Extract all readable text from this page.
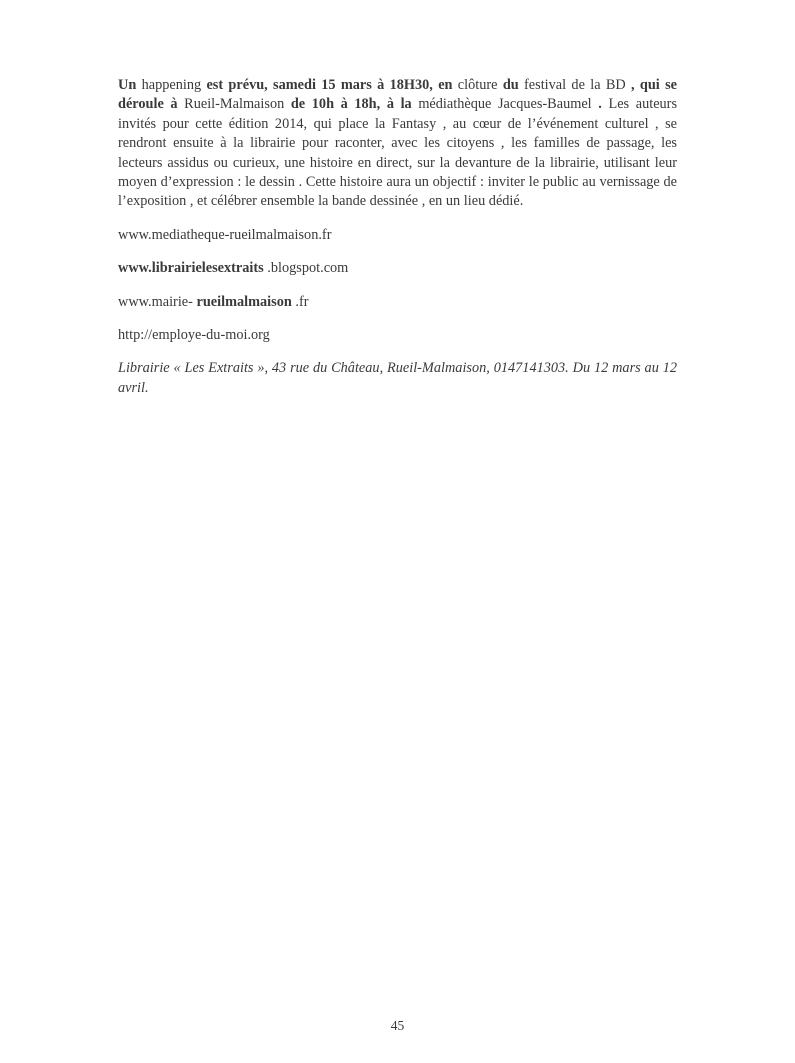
Un happening est prévu, samedi 15 mars à 18H30, en clôture du festival de la BD , qui se déroule à Rueil-Malmaison de 10h à 18h, à la médiathèque Jacques-Baumel . Les auteurs invités pour cette édition 2014, qui place la Fantasy , au cœur de l’événement culturel , se rendront ensuite à la librairie pour raconter, avec les citoyens , les familles de passage, les lecteurs assidus ou curieux, une histoire en direct, sur la devanture de la librairie, utilisant leur moyen d’expression : le dessin . Cette histoire aura un objectif : inviter le public au vernissage de l’exposition , et célébrer ensemble la bande dessinée , en un lieu dédié.

www.mediatheque-rueilmalmaison.fr

www.librairielesextraits .blogspot.com

www.mairie- rueilmalmaison .fr

http://employe-du-moi.org

Librairie « Les Extraits », 43 rue du Château, Rueil-Malmaison, 0147141303. Du 12 mars au 12 avril.

45
